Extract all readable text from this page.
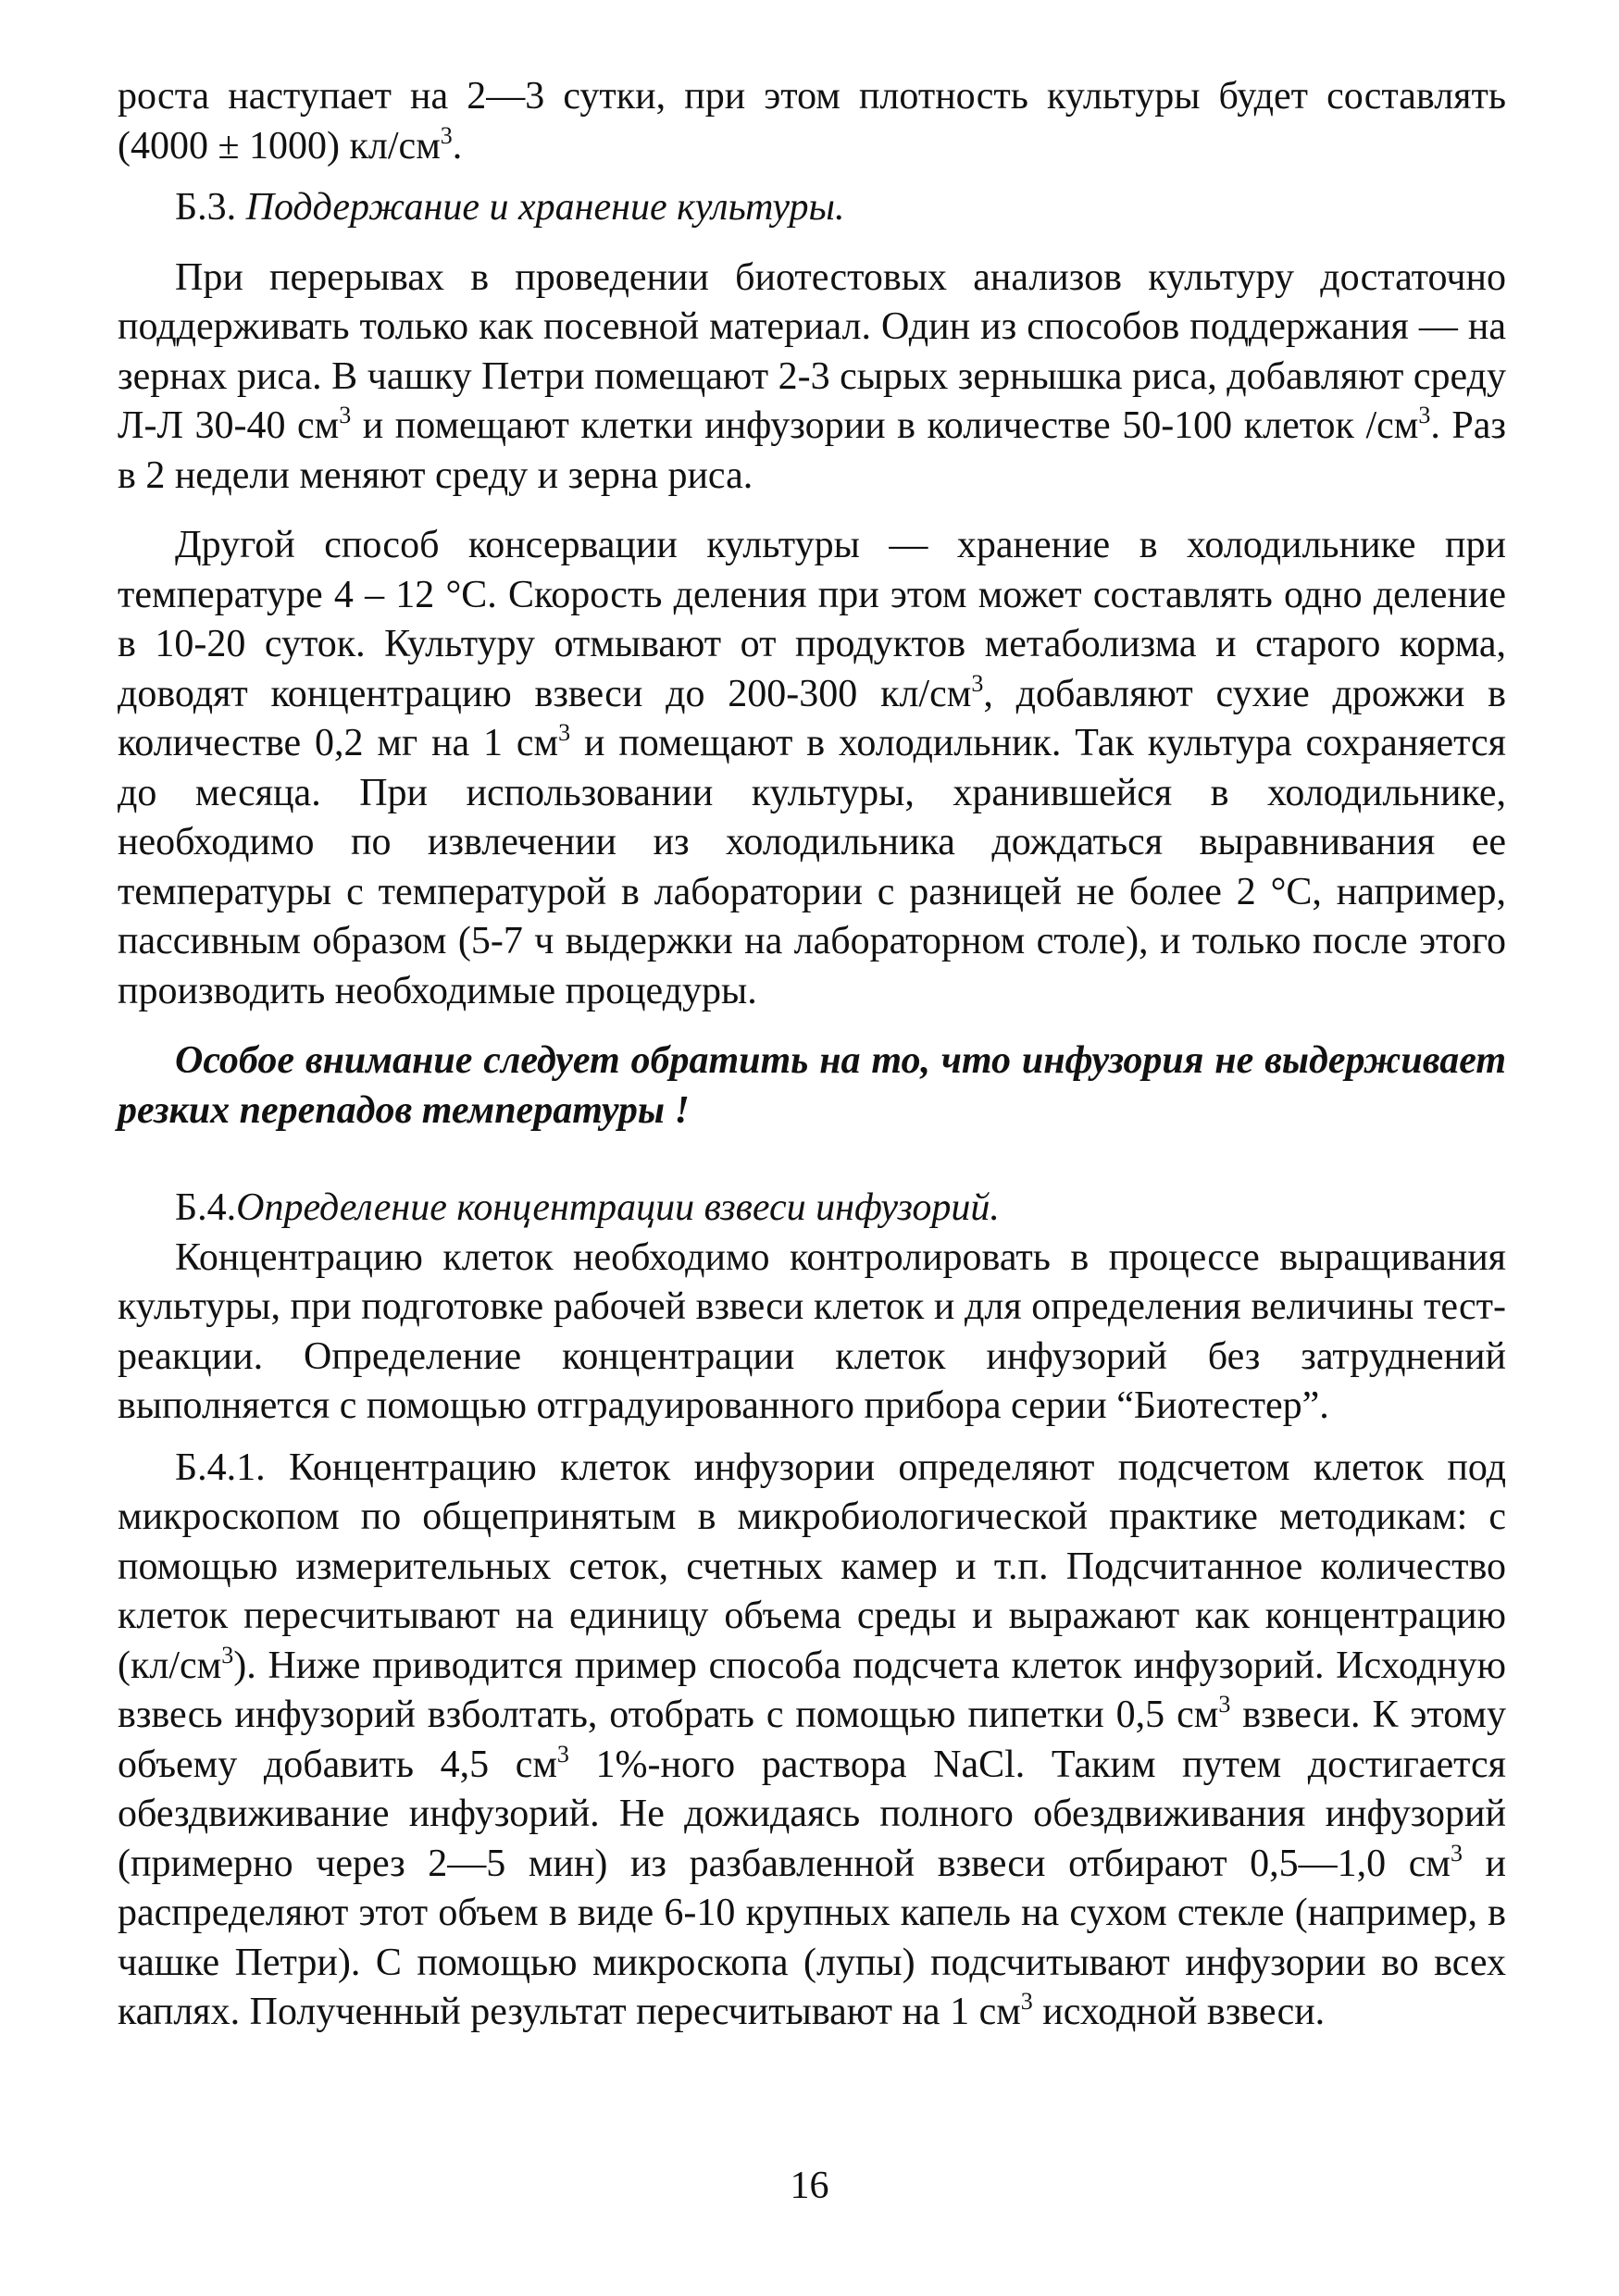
роста наступает на 2—3 сутки, при этом плотность культуры будет составлять (4000 ± 1000) $кл/см^3$.

Б.3. Поддержание и хранение культуры.

При перерывах в проведении биотестовых анализов культуру достаточно поддерживать только как посевной материал. Один из способов поддержания — на зернах риса. В чашку Петри помещают 2-3 сырых зернышка риса, добавляют среду Л-Л 30-40 $см^3$ и помещают клетки инфузории в количестве 50-100 клеток $/см^3$. Раз в 2 недели меняют среду и зерна риса.

Другой способ консервации культуры — хранение в холодильнике при температуре 4 – 12 °С. Скорость деления при этом может составлять одно деление в 10-20 суток. Культуру отмывают от продуктов метаболизма и старого корма, доводят концентрацию взвеси до 200-300 $кл/см^3$, добавляют сухие дрожжи в количестве 0,2 мг на 1 $см^3$ и помещают в холодильник. Так культура сохраняется до месяца. При использовании культуры, хранившейся в холодильнике, необходимо по извлечении из холодильника дождаться выравнивания ее температуры с температурой в лаборатории с разницей не более 2 °С, например, пассивным образом (5-7 ч выдержки на лабораторном столе), и только после этого производить необходимые процедуры.

Особое внимание следует обратить на то, что инфузория не выдерживает резких перепадов температуры !

Б.4.Определение концентрации взвеси инфузорий.

Концентрацию клеток необходимо контролировать в процессе выращивания культуры, при подготовке рабочей взвеси клеток и для определения величины тест-реакции. Определение концентрации клеток инфузорий без затруднений выполняется с помощью отградуированного прибора серии “Биотестер”.

Б.4.1. Концентрацию клеток инфузории определяют подсчетом клеток под микроскопом по общепринятым в микробиологической практике методикам: с помощью измерительных сеток, счетных камер и т.п. Подсчитанное количество клеток пересчитывают на единицу объема среды и выражают как концентрацию $(кл/см^3)$. Ниже приводится пример способа подсчета клеток инфузорий. Исходную взвесь инфузорий взболтать, отобрать с помощью пипетки 0,5 $см^3$ взвеси. К этому объему добавить 4,5 $см^3$ 1%-ного раствора NaCl. Таким путем достигается обездвиживание инфузорий. Не дожидаясь полного обездвиживания инфузорий (примерно через 2—5 мин) из разбавленной взвеси отбирают 0,5—1,0 $см^3$ и распределяют этот объем в виде 6-10 крупных капель на сухом стекле (например, в чашке Петри). С помощью микроскопа (лупы) подсчитывают инфузории во всех каплях. Полученный результат пересчитывают на 1 $см^3$ исходной взвеси.

16
